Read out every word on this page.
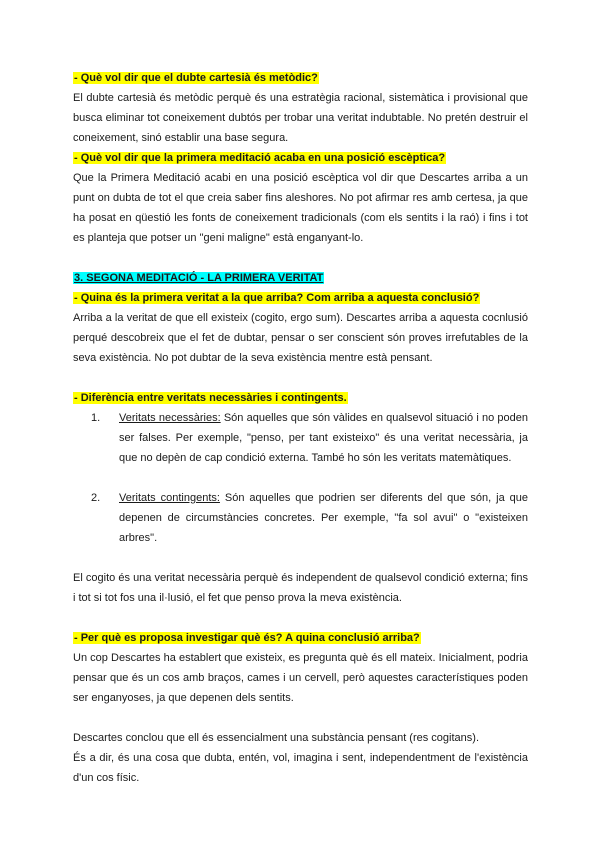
- Què vol dir que el dubte cartesià és metòdic?

El dubte cartesià és metòdic perquè és una estratègia racional, sistemàtica i provisional que busca eliminar tot coneixement dubtós per trobar una veritat indubtable. No pretén destruir el coneixement, sinó establir una base segura.

- Què vol dir que la primera meditació acaba en una posició escèptica?

Que la Primera Meditació acabi en una posició escèptica vol dir que Descartes arriba a un punt on dubta de tot el que creia saber fins aleshores. No pot afirmar res amb certesa, ja que ha posat en qüestió les fonts de coneixement tradicionals (com els sentits i la raó) i fins i tot es planteja que potser un "geni maligne" està enganyant-lo.

3. SEGONA MEDITACIÓ - LA PRIMERA VERITAT
- Quina és la primera veritat a la que arriba? Com arriba a aquesta conclusió?

Arriba a la veritat de que ell existeix (cogito, ergo sum). Descartes arriba a aquesta cocnlusió perqué descobreix que el fet de dubtar, pensar o ser conscient són proves irrefutables de la seva existència. No pot dubtar de la seva existència mentre està pensant.

- Diferència entre veritats necessàries i contingents.
1. Veritats necessàries: Són aquelles que són vàlides en qualsevol situació i no poden ser falses. Per exemple, "penso, per tant existeixo" és una veritat necessària, ja que no depèn de cap condició externa. També ho són les veritats matemàtiques.
2. Veritats contingents: Són aquelles que podrien ser diferents del que són, ja que depenen de circumstàncies concretes. Per exemple, "fa sol avui" o "existeixen arbres".

El cogito és una veritat necessària perquè és independent de qualsevol condició externa; fins i tot si tot fos una il·lusió, el fet que penso prova la meva existència.

- Per què es proposa investigar què és? A quina conclusió arriba?

Un cop Descartes ha establert que existeix, es pregunta què és ell mateix. Inicialment, podria pensar que és un cos amb braços, cames i un cervell, però aquestes característiques poden ser enganyoses, ja que depenen dels sentits.

Descartes conclou que ell és essencialment una substància pensant (res cogitans).

És a dir, és una cosa que dubta, entén, vol, imagina i sent, independentment de l'existència d'un cos físic.
